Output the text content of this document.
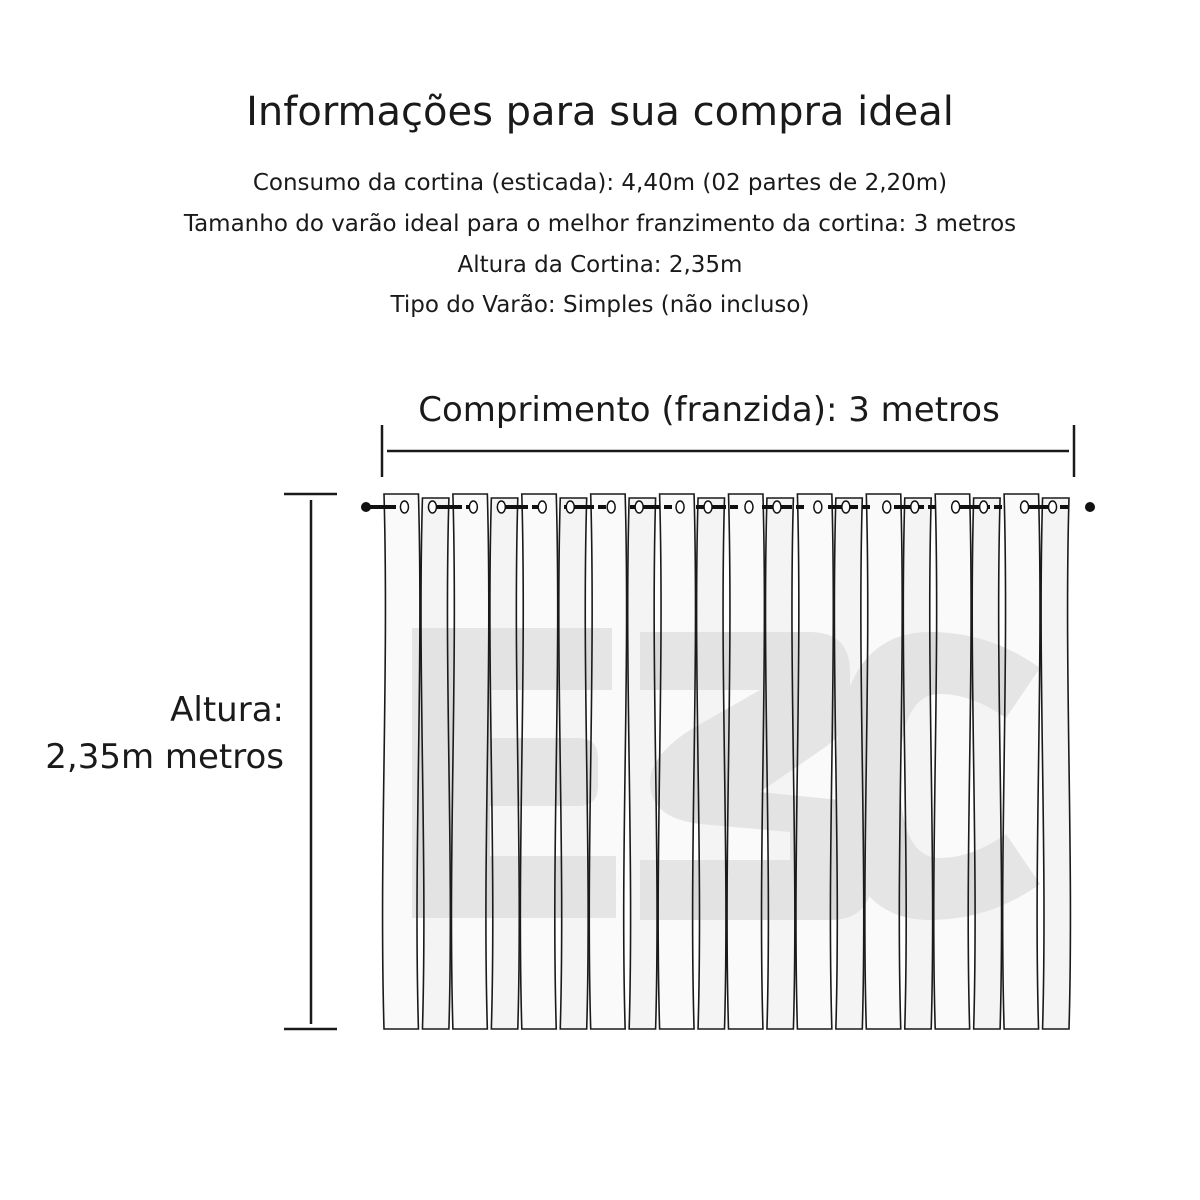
Informações para sua compra ideal
Consumo da cortina (esticada): 4,40m (02 partes de 2,20m)
Tamanho do varão ideal para o melhor franzimento da cortina: 3 metros
Altura da Cortina: 2,35m
Tipo do Varão: Simples (não incluso)
Comprimento (franzida): 3 metros
Altura:
2,35m metros
